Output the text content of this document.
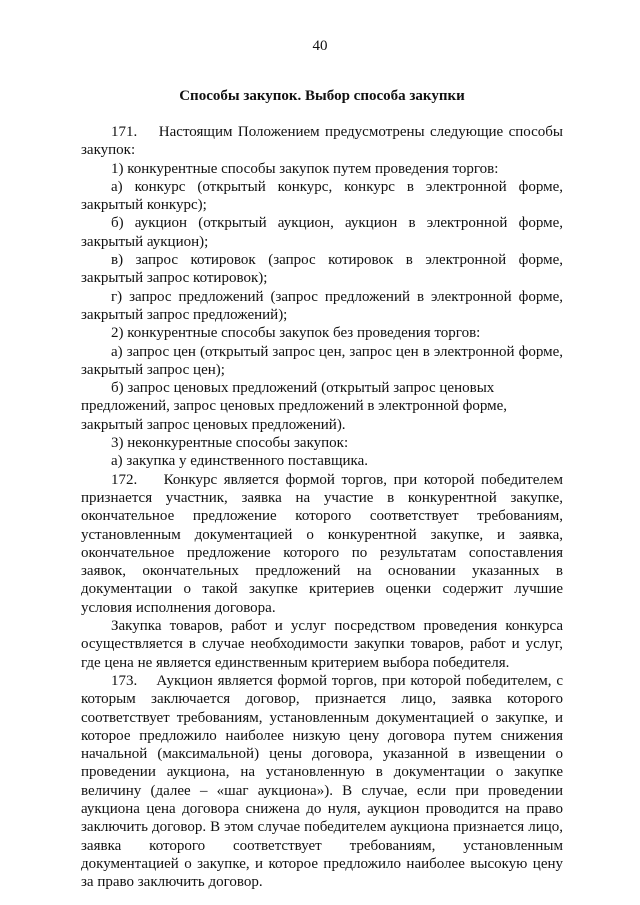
40
Способы закупок. Выбор способа закупки

171.    Настоящим Положением предусмотрены следующие способы закупок:

1) конкурентные способы закупок путем проведения торгов:

а) конкурс (открытый конкурс, конкурс в электронной форме, закрытый конкурс);

б) аукцион (открытый аукцион, аукцион в электронной форме, закрытый аукцион);

в) запрос котировок (запрос котировок в электронной форме, закрытый запрос котировок);

г) запрос предложений (запрос предложений в электронной форме, закрытый запрос предложений);

2) конкурентные способы закупок без проведения торгов:

а) запрос цен (открытый запрос цен, запрос цен в электронной форме, закрытый запрос цен);

б) запрос ценовых предложений (открытый запрос ценовых предложений, запрос ценовых предложений в электронной форме, закрытый запрос ценовых предложений).

3) неконкурентные способы закупок:

а) закупка у единственного поставщика.

172.    Конкурс является формой торгов, при которой победителем признается участник, заявка на участие в конкурентной закупке, окончательное предложение которого соответствует требованиям, установленным документацией о конкурентной закупке, и заявка, окончательное предложение которого по результатам сопоставления заявок, окончательных предложений на основании указанных в документации о такой закупке критериев оценки содержит лучшие условия исполнения договора.

Закупка товаров, работ и услуг посредством проведения конкурса осуществляется в случае необходимости закупки товаров, работ и услуг, где цена не является единственным критерием выбора победителя.

173.    Аукцион является формой торгов, при которой победителем, с которым заключается договор, признается лицо, заявка которого соответствует требованиям, установленным документацией о закупке, и которое предложило наиболее низкую цену договора путем снижения начальной (максимальной) цены договора, указанной в извещении о проведении аукциона, на установленную в документации о закупке величину (далее – «шаг аукциона»). В случае, если при проведении аукциона цена договора снижена до нуля, аукцион проводится на право заключить договор. В этом случае победителем аукциона признается лицо, заявка которого соответствует требованиям, установленным документацией о закупке, и которое предложило наиболее высокую цену за право заключить договор.
